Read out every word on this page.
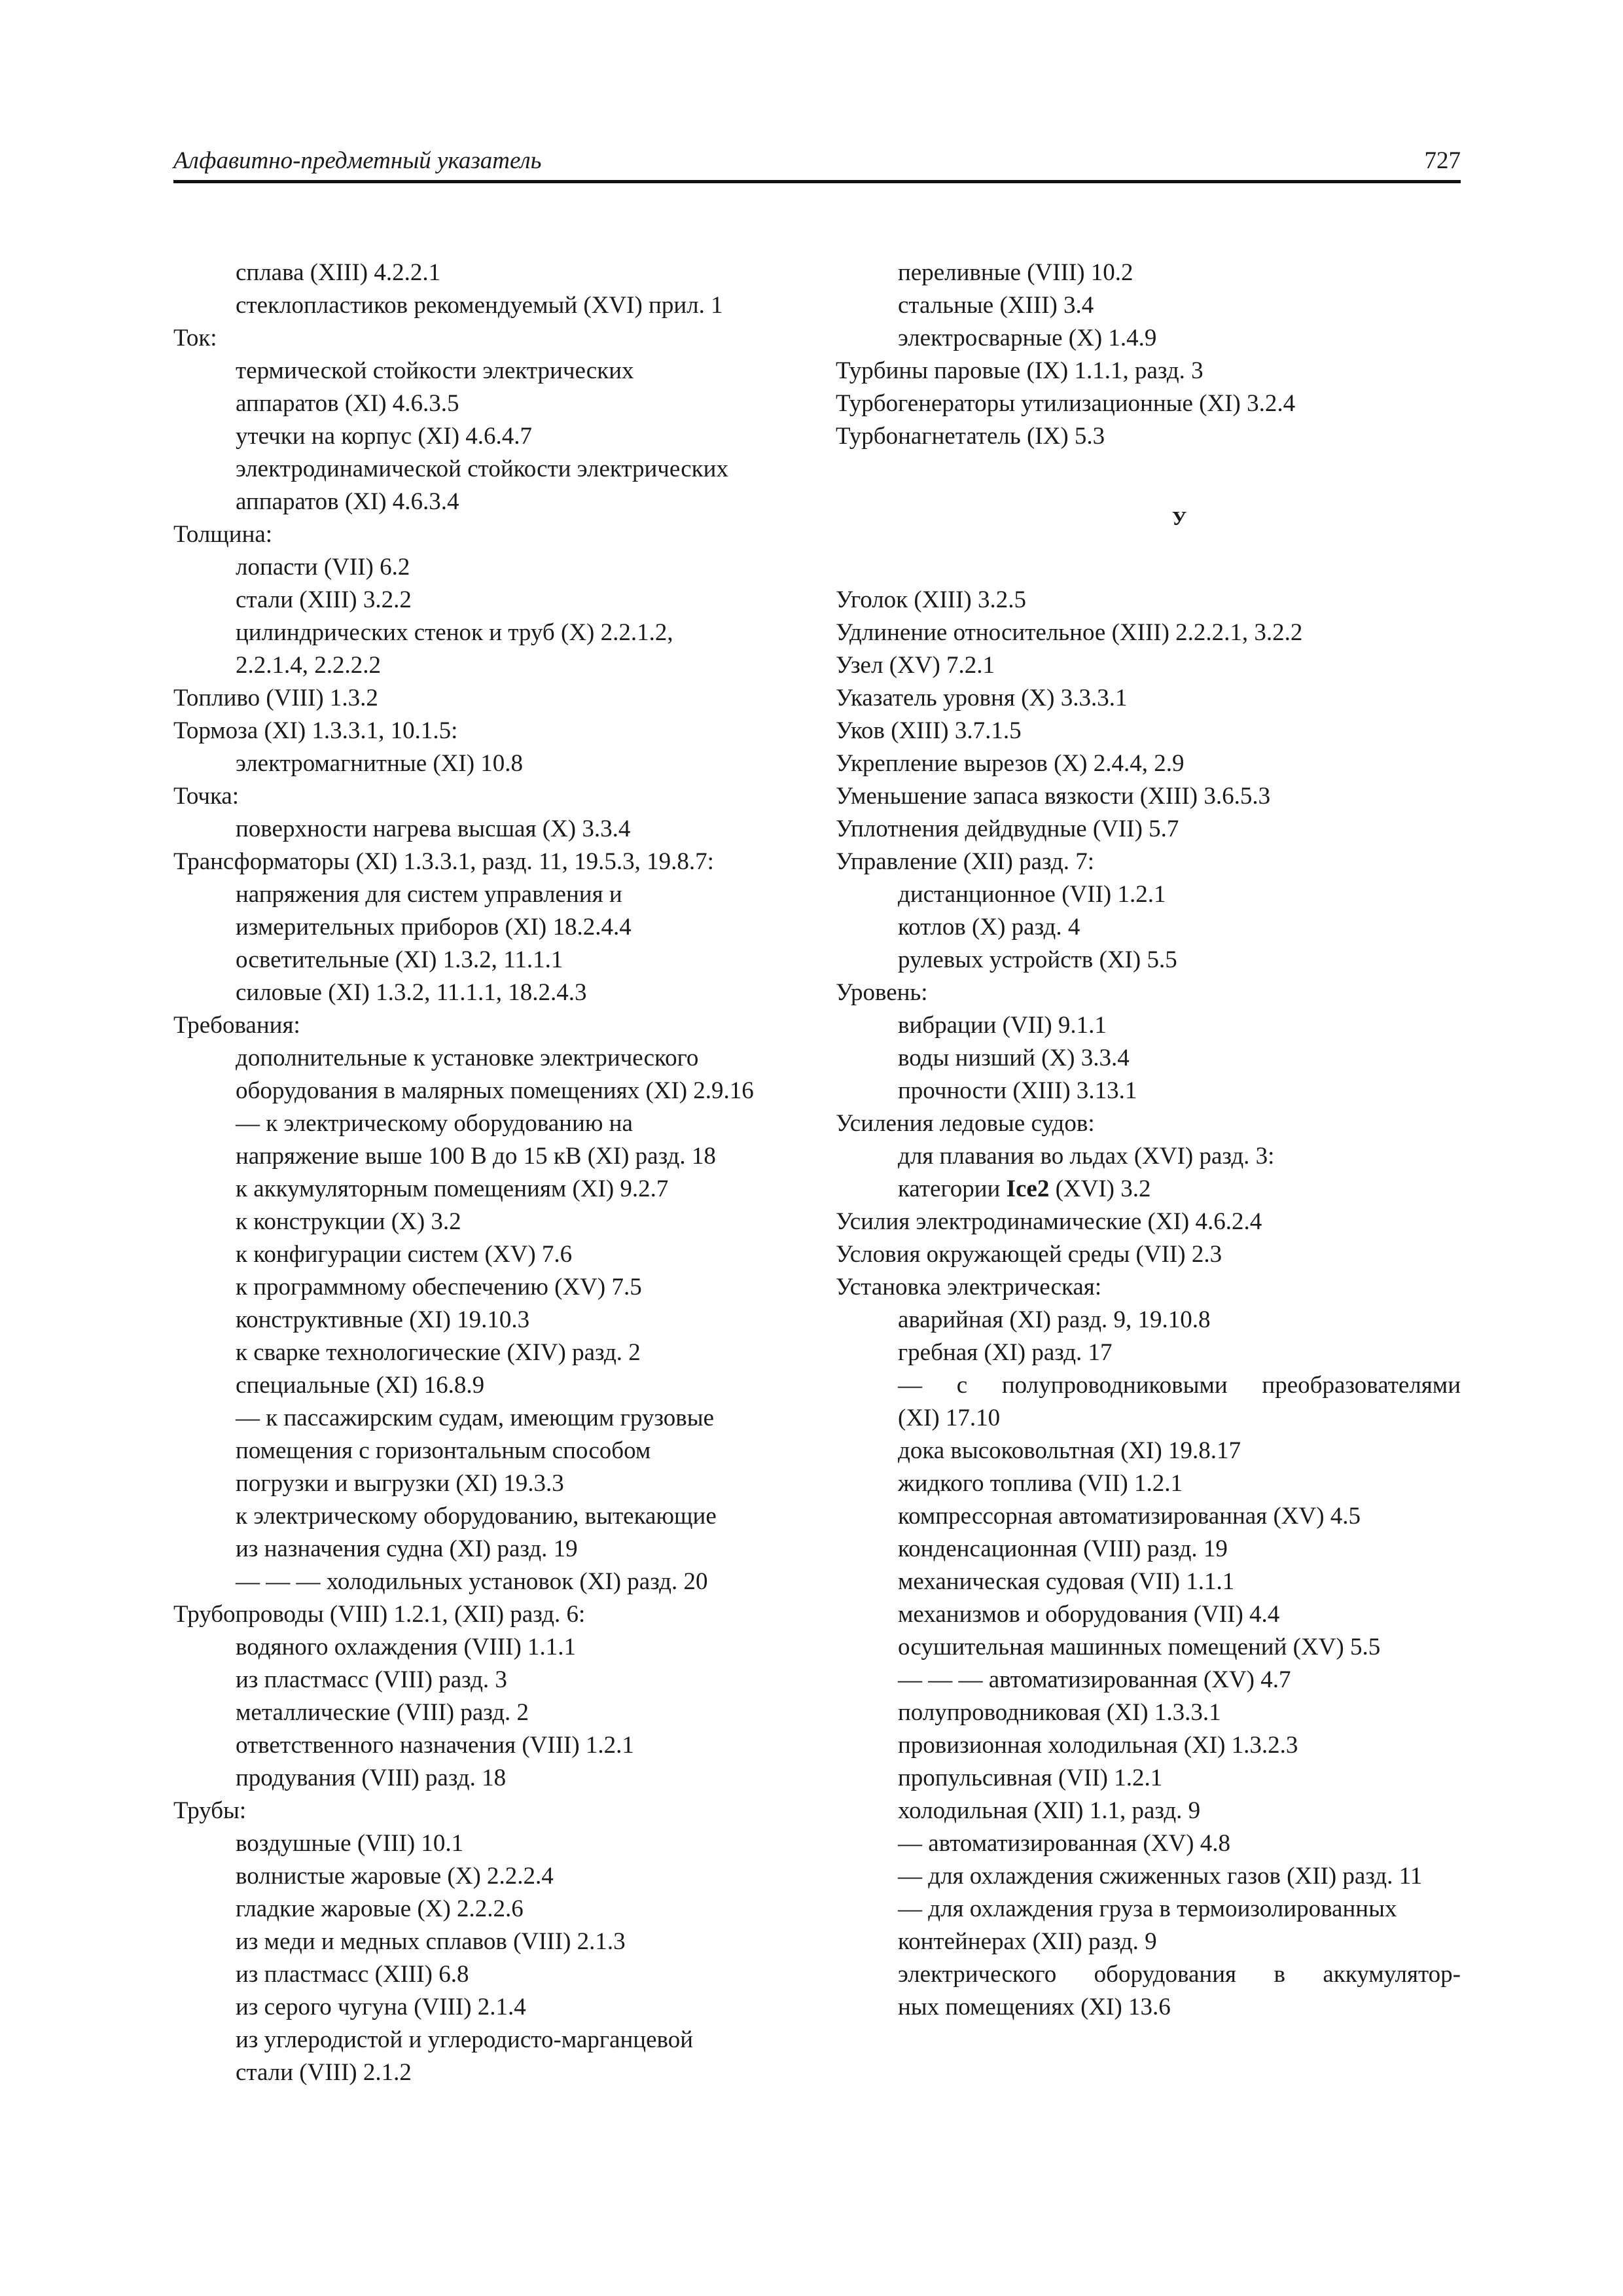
Алфавитно-предметный указатель	727
сплава (XIII) 4.2.2.1
стеклопластиков рекомендуемый (XVI) прил. 1
Ток:
термической стойкости электрических
аппаратов (XI) 4.6.3.5
утечки на корпус (XI) 4.6.4.7
электродинамической стойкости электрических
аппаратов (XI) 4.6.3.4
Толщина:
лопасти (VII) 6.2
стали (XIII) 3.2.2
цилиндрических стенок и труб (X) 2.2.1.2,
2.2.1.4, 2.2.2.2
Топливо (VIII) 1.3.2
Тормоза (XI) 1.3.3.1, 10.1.5:
электромагнитные (XI) 10.8
Точка:
поверхности нагрева высшая (X) 3.3.4
Трансформаторы (XI) 1.3.3.1, разд. 11, 19.5.3, 19.8.7:
напряжения для систем управления и
измерительных приборов (XI) 18.2.4.4
осветительные (XI) 1.3.2, 11.1.1
силовые (XI) 1.3.2, 11.1.1, 18.2.4.3
Требования:
дополнительные к установке электрического
оборудования в малярных помещениях (XI) 2.9.16
— к электрическому оборудованию на
напряжение выше 100 В до 15 кВ (XI) разд. 18
к аккумуляторным помещениям (XI) 9.2.7
к конструкции (X) 3.2
к конфигурации систем (XV) 7.6
к программному обеспечению (XV) 7.5
конструктивные (XI) 19.10.3
к сварке технологические (XIV) разд. 2
специальные (XI) 16.8.9
— к пассажирским судам, имеющим грузовые
помещения с горизонтальным способом
погрузки и выгрузки (XI) 19.3.3
к электрическому оборудованию, вытекающие
из назначения судна (XI) разд. 19
— — — холодильных установок (XI) разд. 20
Трубопроводы (VIII) 1.2.1, (XII) разд. 6:
водяного охлаждения (VIII) 1.1.1
из пластмасс (VIII) разд. 3
металлические (VIII) разд. 2
ответственного назначения (VIII) 1.2.1
продувания (VIII) разд. 18
Трубы:
воздушные (VIII) 10.1
волнистые жаровые (X) 2.2.2.4
гладкие жаровые (X) 2.2.2.6
из меди и медных сплавов (VIII) 2.1.3
из пластмасс (XIII) 6.8
из серого чугуна (VIII) 2.1.4
из углеродистой и углеродисто-марганцевой
стали (VIII) 2.1.2
переливные (VIII) 10.2
стальные (XIII) 3.4
электросварные (X) 1.4.9
Турбины паровые (IX) 1.1.1, разд. 3
Турбогенераторы утилизационные (XI) 3.2.4
Турбонагнетатель (IX) 5.3
У
Уголок (XIII) 3.2.5
Удлинение относительное (XIII) 2.2.2.1, 3.2.2
Узел (XV) 7.2.1
Указатель уровня (X) 3.3.3.1
Уков (XIII) 3.7.1.5
Укрепление вырезов (X) 2.4.4, 2.9
Уменьшение запаса вязкости (XIII) 3.6.5.3
Уплотнения дейдвудные (VII) 5.7
Управление (XII) разд. 7:
дистанционное (VII) 1.2.1
котлов (X) разд. 4
рулевых устройств (XI) 5.5
Уровень:
вибрации (VII) 9.1.1
воды низший (X) 3.3.4
прочности (XIII) 3.13.1
Усиления ледовые судов:
для плавания во льдах (XVI) разд. 3:
категории Ice2 (XVI) 3.2
Усилия электродинамические (XI) 4.6.2.4
Условия окружающей среды (VII) 2.3
Установка электрическая:
аварийная (XI) разд. 9, 19.10.8
гребная (XI) разд. 17
— с полупроводниковыми преобразователями
(XI) 17.10
дока высоковольтная (XI) 19.8.17
жидкого топлива (VII) 1.2.1
компрессорная автоматизированная (XV) 4.5
конденсационная (VIII) разд. 19
механическая судовая (VII) 1.1.1
механизмов и оборудования (VII) 4.4
осушительная машинных помещений (XV) 5.5
— — — автоматизированная (XV) 4.7
полупроводниковая (XI) 1.3.3.1
провизионная холодильная (XI) 1.3.2.3
пропульсивная (VII) 1.2.1
холодильная (XII) 1.1, разд. 9
— автоматизированная (XV) 4.8
— для охлаждения сжиженных газов (XII) разд. 11
— для охлаждения груза в термоизолированных
контейнерах (XII) разд. 9
электрического оборудования в аккумулятор-
ных помещениях (XI) 13.6
